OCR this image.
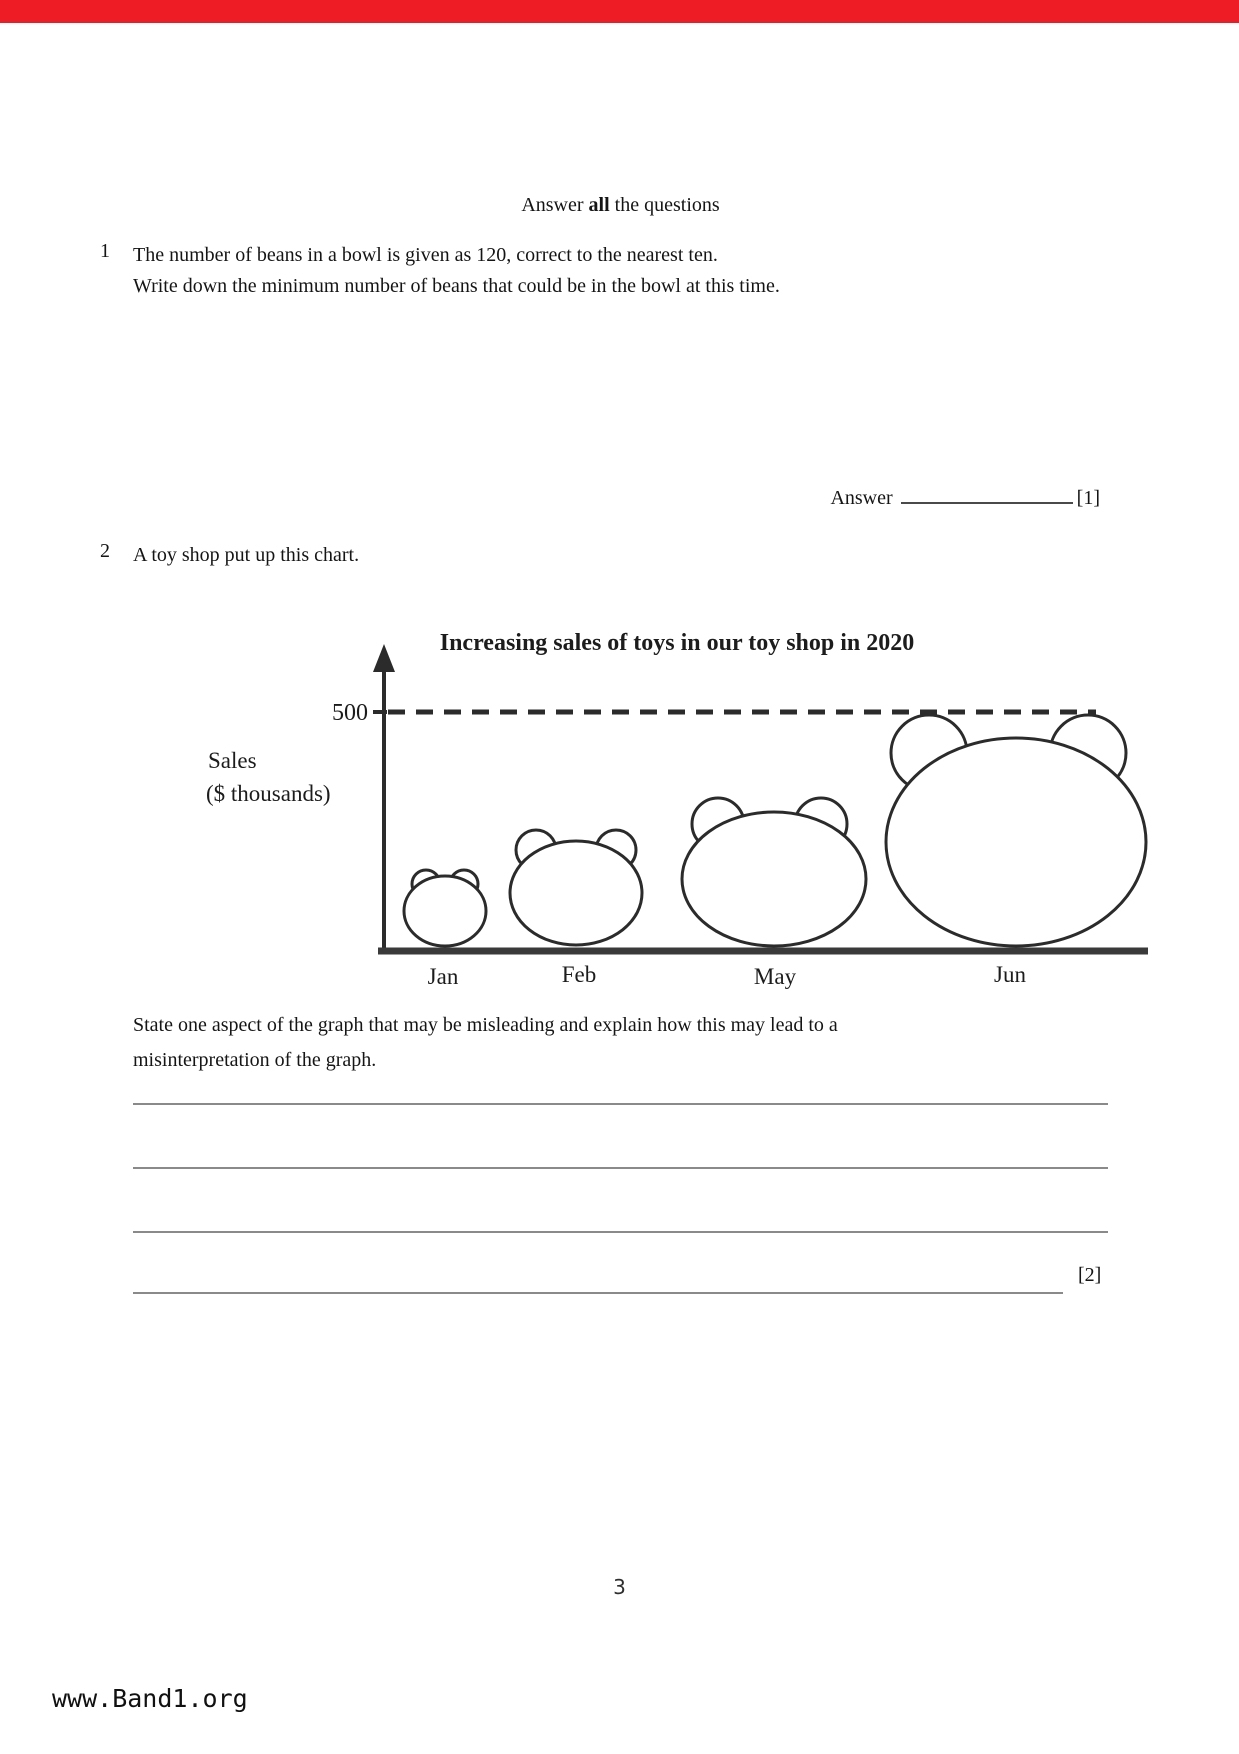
Answer all the questions
1 The number of beans in a bowl is given as 120, correct to the nearest ten.
Write down the minimum number of beans that could be in the bowl at this time.
Answer	[1]
2 A toy shop put up this chart.
Increasing sales of toys in our toy shop in 2020
500
Sales
($ thousands)
Jan	Feb	May	Jun
State one aspect of the graph that may be misleading and explain how this may lead to a
misinterpretation of the graph.
[2]
3
www.Band1.org
